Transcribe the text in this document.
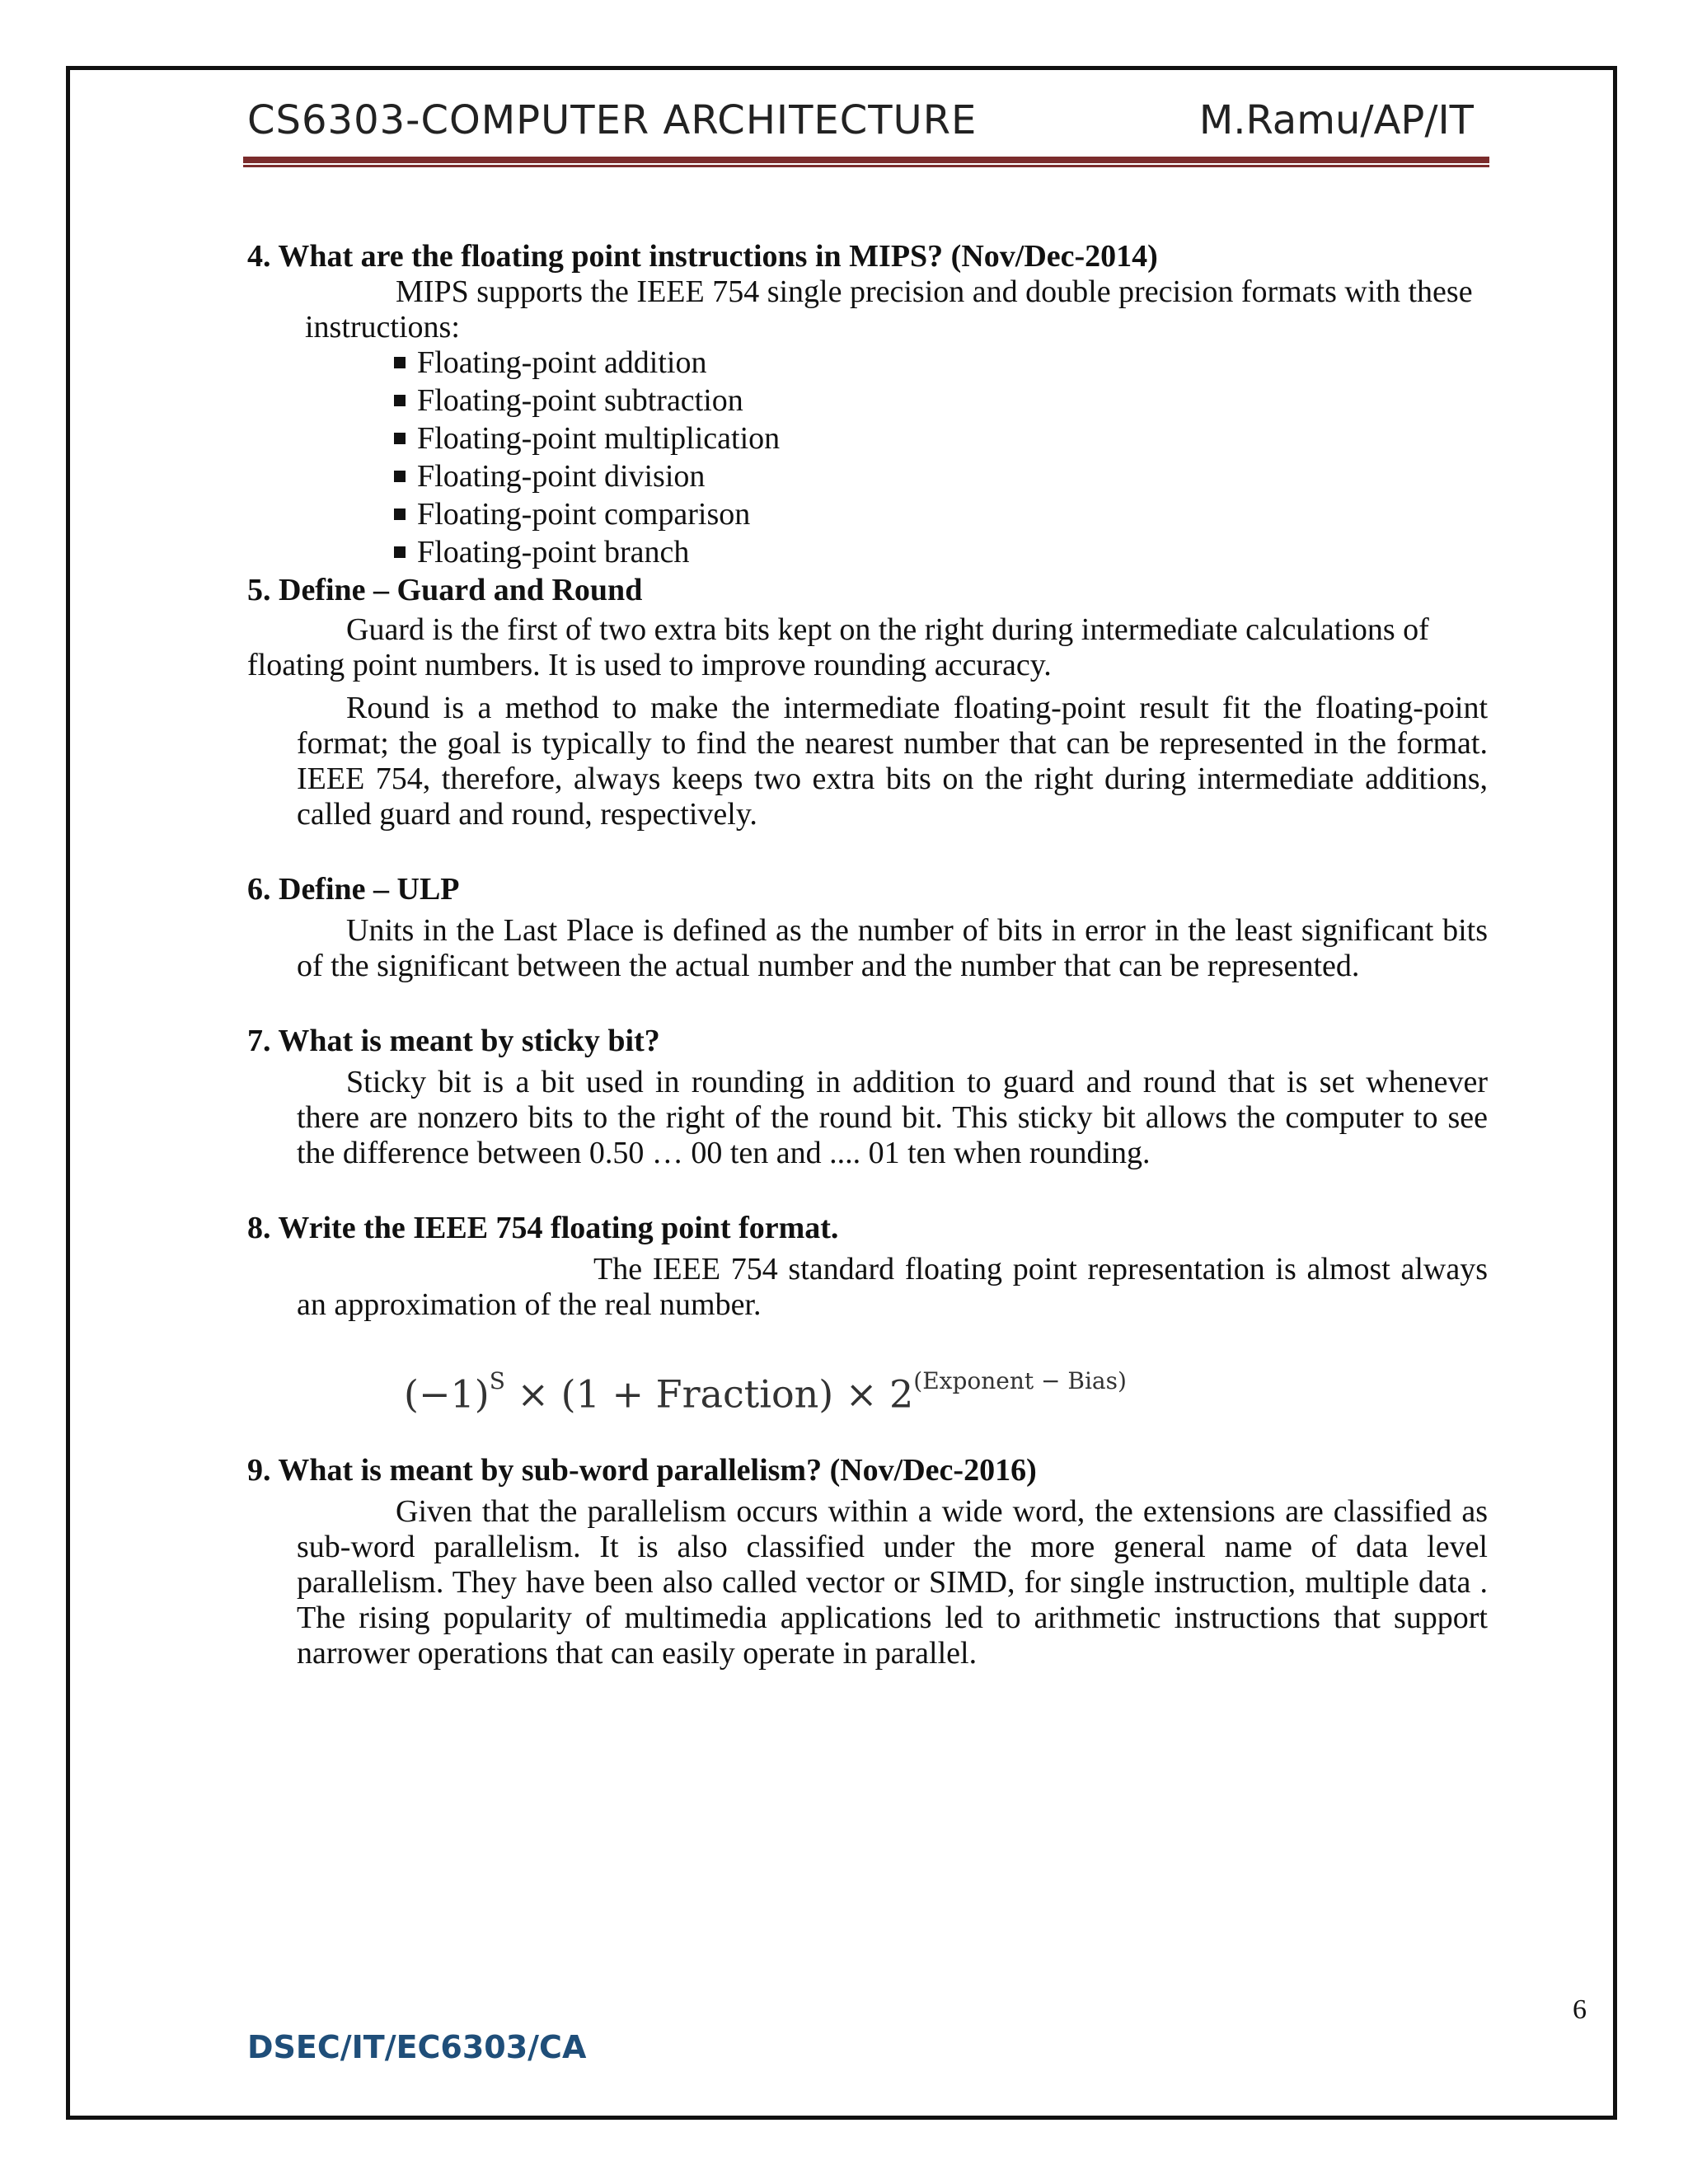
CS6303-COMPUTER ARCHITECTURE	M.Ramu/AP/IT

4. What are the floating point instructions in MIPS? (Nov/Dec-2014)

MIPS supports the IEEE 754 single precision and double precision formats with these instructions:

Floating-point addition
Floating-point subtraction
Floating-point multiplication
Floating-point division
Floating-point comparison
Floating-point branch

5. Define – Guard and Round

Guard is the first of two extra bits kept on the right during intermediate calculations of floating point numbers. It is used to improve rounding accuracy.

Round is a method to make the intermediate floating-point result fit the floating-point format; the goal is typically to find the nearest number that can be represented in the format. IEEE 754, therefore, always keeps two extra bits on the right during intermediate additions, called guard and round, respectively.

6. Define – ULP

Units in the Last Place is defined as the number of bits in error in the least significant bits of the significant between the actual number and the number that can be represented.

7. What is meant by sticky bit?

Sticky bit is a bit used in rounding in addition to guard and round that is set whenever there are nonzero bits to the right of the round bit. This sticky bit allows the computer to see the difference between 0.50 … 00 ten and .... 01 ten when rounding.

8. Write the IEEE 754 floating point format.

The IEEE 754 standard floating point representation is almost always an approximation of the real number.

$(-1)^S \times (1$ + Fraction) × $2^{(Exponent - Bias)}$

9. What is meant by sub-word parallelism? (Nov/Dec-2016)

Given that the parallelism occurs within a wide word, the extensions are classified as sub-word parallelism. It is also classified under the more general name of data level parallelism. They have been also called vector or SIMD, for single instruction, multiple data . The rising popularity of multimedia applications led to arithmetic instructions that support narrower operations that can easily operate in parallel.

6
DSEC/IT/EC6303/CA
